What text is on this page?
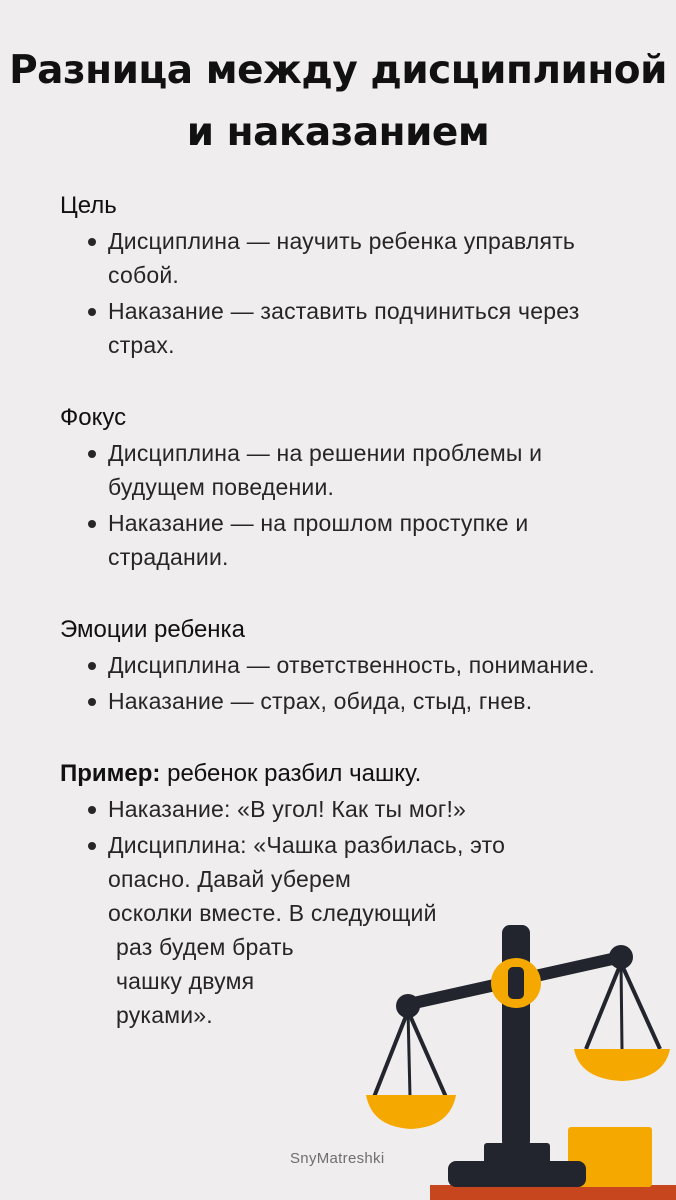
Разница между дисциплиной и наказанием
Цель
Дисциплина — научить ребенка управлять собой.
Наказание — заставить подчиниться через страх.
Фокус
Дисциплина — на решении проблемы и будущем поведении.
Наказание — на прошлом проступке и страдании.
Эмоции ребенка
Дисциплина — ответственность, понимание.
Наказание — страх, обида, стыд, гнев.
Пример: ребенок разбил чашку.
Наказание: «В угол! Как ты мог!»
Дисциплина: «Чашка разбилась, это
опасно. Давай уберем
осколки вместе. В следующий
раз будем брать
чашку двумя
руками».
SnyMatreshki
